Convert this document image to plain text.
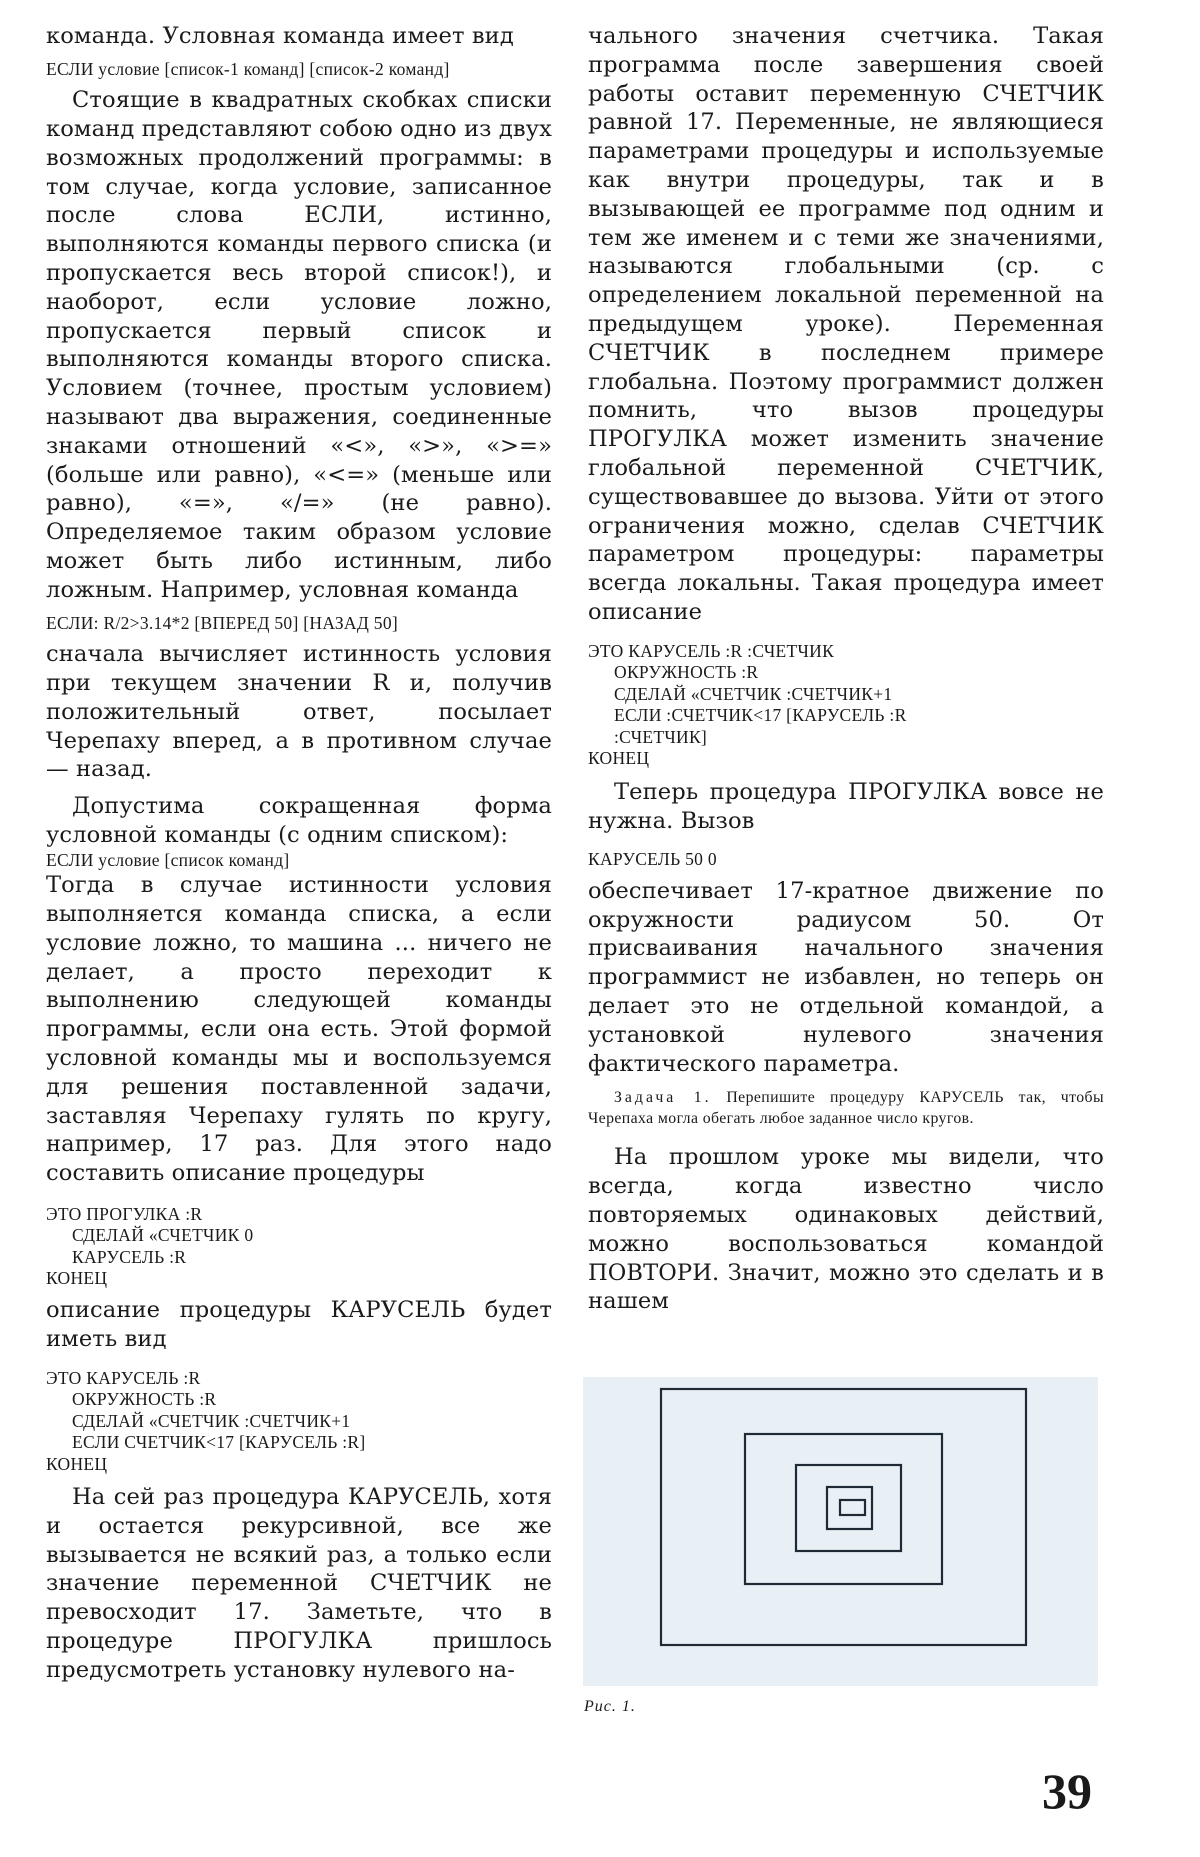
команда. Условная команда имеет вид

ЕСЛИ условие [список-1 команд] [список-2 команд]

Стоящие в квадратных скобках списки команд представляют собою одно из двух возможных продолжений программы: в том случае, когда условие, записанное после слова ЕСЛИ, истинно, выполняются команды первого списка (и пропускается весь второй список!), и наоборот, если условие ложно, пропускается первый список и выполняются команды второго списка. Условием (точнее, простым условием) называют два выражения, соединенные знаками отношений «<», «>», «>=» (больше или равно), «<=» (меньше или равно), «=», «/=» (не равно). Определяемое таким образом условие может быть либо истинным, либо ложным. Например, условная команда

ЕСЛИ: R/2>3.14*2 [ВПЕРЕД 50] [НАЗАД 50]

сначала вычисляет истинность условия при текущем значении R и, получив положительный ответ, посылает Черепаху вперед, а в противном случае — назад.

Допустима сокращенная форма условной команды (с одним списком):

ЕСЛИ условие [список команд]

Тогда в случае истинности условия выполняется команда списка, а если условие ложно, то машина ... ничего не делает, а просто переходит к выполнению следующей команды программы, если она есть. Этой формой условной команды мы и воспользуемся для решения поставленной задачи, заставляя Черепаху гулять по кругу, например, 17 раз. Для этого надо составить описание процедуры

ЭТО ПРОГУЛКА :R
СДЕЛАЙ «СЧЕТЧИК 0
КАРУСЕЛЬ :R
КОНЕЦ

описание процедуры КАРУСЕЛЬ будет иметь вид

ЭТО КАРУСЕЛЬ :R
ОКРУЖНОСТЬ :R
СДЕЛАЙ «СЧЕТЧИК :СЧЕТЧИК+1
ЕСЛИ СЧЕТЧИК<17 [КАРУСЕЛЬ :R]
КОНЕЦ

На сей раз процедура КАРУСЕЛЬ, хотя и остается рекурсивной, все же вызывается не всякий раз, а только если значение переменной СЧЕТЧИК не превосходит 17. Заметьте, что в процедуре ПРОГУЛКА пришлось предусмотреть установку нулевого на-

чального значения счетчика. Такая программа после завершения своей работы оставит переменную СЧЕТЧИК равной 17. Переменные, не являющиеся параметрами процедуры и используемые как внутри процедуры, так и в вызывающей ее программе под одним и тем же именем и с теми же значениями, называются глобальными (ср. с определением локальной переменной на предыдущем уроке). Переменная СЧЕТЧИК в последнем примере глобальна. Поэтому программист должен помнить, что вызов процедуры ПРОГУЛКА может изменить значение глобальной переменной СЧЕТЧИК, существовавшее до вызова. Уйти от этого ограничения можно, сделав СЧЕТЧИК параметром процедуры: параметры всегда локальны. Такая процедура имеет описание

ЭТО КАРУСЕЛЬ :R :СЧЕТЧИК
ОКРУЖНОСТЬ :R
СДЕЛАЙ «СЧЕТЧИК :СЧЕТЧИК+1
ЕСЛИ :СЧЕТЧИК<17 [КАРУСЕЛЬ :R
:СЧЕТЧИК]
КОНЕЦ

Теперь процедура ПРОГУЛКА вовсе не нужна. Вызов

КАРУСЕЛЬ 50 0

обеспечивает 17-кратное движение по окружности радиусом 50. От присваивания начального значения программист не избавлен, но теперь он делает это не отдельной командой, а установкой нулевого значения фактического параметра.

Задача 1. Перепишите процедуру КАРУСЕЛЬ так, чтобы Черепаха могла обегать любое заданное число кругов.

На прошлом уроке мы видели, что всегда, когда известно число повторяемых одинаковых действий, можно воспользоваться командой ПОВТОРИ. Значит, можно это сделать и в нашем

Рис. 1.
39
